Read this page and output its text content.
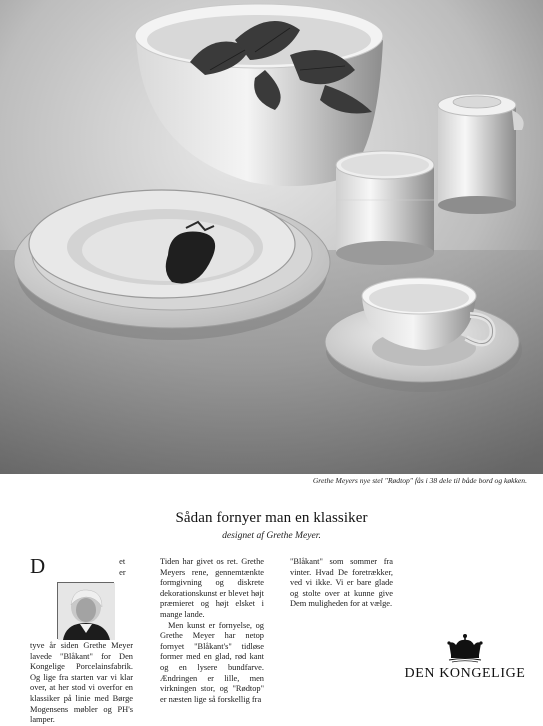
Grethe Meyers nye stel "Rødtop" fås i 38 dele til både bord og køkken.
Sådan fornyer man en klassiker
designet af Grethe Meyer.
D	et er tyve år siden Grethe Meyer lavede "Blåkant" for Den Kongelige Porcelainsfabrik. Og lige fra starten var vi klar over, at her stod vi overfor en klassiker på linie med Børge Mogensens møbler og PH's lamper.

Tiden har givet os ret. Grethe Meyers rene, gennemtænkte formgivning og diskrete dekorationskunst er blevet højt præmieret og højt elsket i mange lande.

Men kunst er fornyelse, og Grethe Meyer har netop fornyet "Blåkant's" tidløse former med en glad, rød kant og en lysere bundfarve. Ændringen er lille, men virkningen stor, og "Rødtop" er næsten lige så forskellig fra

"Blåkant" som sommer fra vinter. Hvad De foretrækker, ved vi ikke. Vi er bare glade og stolte over at kunne give Dem muligheden for at vælge.

DEN KONGELIGE
